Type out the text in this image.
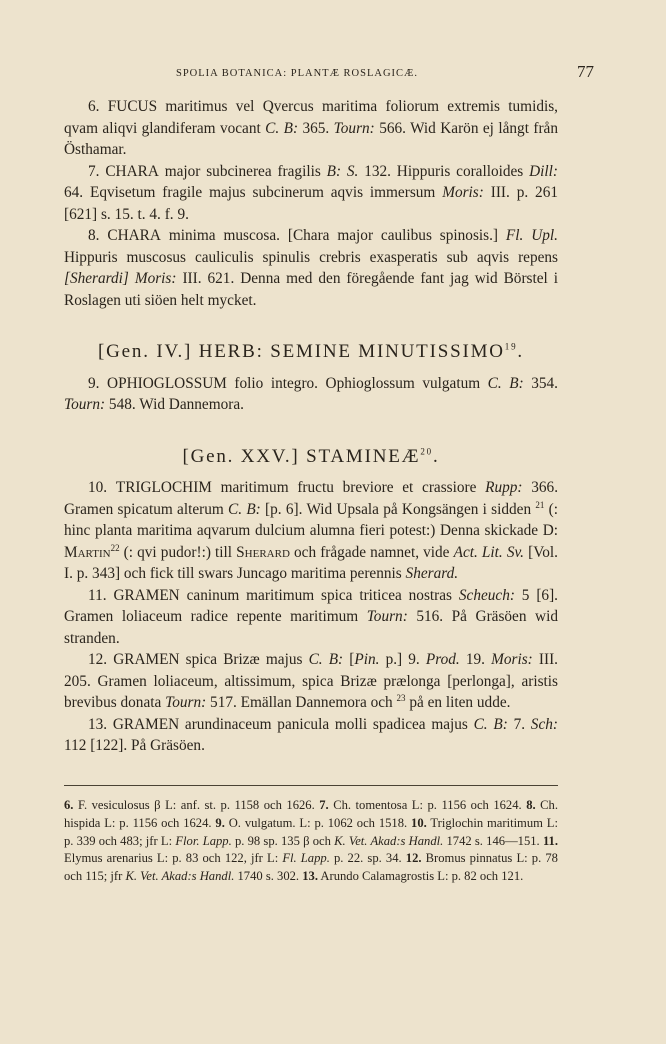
SPOLIA BOTANICA: PLANTÆ ROSLAGICÆ.	77

6. FUCUS maritimus vel Qvercus maritima foliorum extremis tumidis, qvam aliqvi glandiferam vocant C. B: 365. Tourn: 566. Wid Karön ej långt från Östhamar.

7. CHARA major subcinerea fragilis B: S. 132. Hippuris coralloides Dill: 64. Eqvisetum fragile majus subcinerum aqvis immersum Moris: III. p. 261 [621] s. 15. t. 4. f. 9.

8. CHARA minima muscosa. [Chara major caulibus spinosis.] Fl. Upl. Hippuris muscosus cauliculis spinulis crebris exasperatis sub aqvis repens [Sherardi] Moris: III. 621. Denna med den föregående fant jag wid Börstel i Roslagen uti siöen helt mycket.

[Gen. IV.] HERB: SEMINE MINUTISSIMO$^{19}$.

9. OPHIOGLOSSUM folio integro. Ophioglossum vulgatum C. B: 354. Tourn: 548. Wid Dannemora.

[Gen. XXV.] STAMINEÆ$^{20}$.

10. TRIGLOCHIM maritimum fructu breviore et crassiore Rupp: 366. Gramen spicatum alterum C. B: [p. 6]. Wid Upsala på Kongsängen i sidden $^{21}$ (: hinc planta maritima aqvarum dulcium alumna fieri potest:) Denna skickade D: Martin$^{22}$ (: qvi pudor!:) till Sherard och frågade namnet, vide Act. Lit. Sv. [Vol. I. p. 343] och fick till swars Juncago maritima perennis Sherard.

11. GRAMEN caninum maritimum spica triticea nostras Scheuch: 5 [6]. Gramen loliaceum radice repente maritimum Tourn: 516. På Gräsöen wid stranden.

12. GRAMEN spica Brizæ majus C. B: [Pin. p.] 9. Prod. 19. Moris: III. 205. Gramen loliaceum, altissimum, spica Brizæ prælonga [perlonga], aristis brevibus donata Tourn: 517. Emällan Dannemora och $^{23}$ på en liten udde.

13. GRAMEN arundinaceum panicula molli spadicea majus C. B: 7. Sch: 112 [122]. På Gräsöen.

6. F. vesiculosus β L: anf. st. p. 1158 och 1626. 7. Ch. tomentosa L: p. 1156 och 1624. 8. Ch. hispida L: p. 1156 och 1624. 9. O. vulgatum. L: p. 1062 och 1518. 10. Triglochin maritimum L: p. 339 och 483; jfr L: Flor. Lapp. p. 98 sp. 135 β och K. Vet. Akad:s Handl. 1742 s. 146—151. 11. Elymus arenarius L: p. 83 och 122, jfr L: Fl. Lapp. p. 22. sp. 34. 12. Bromus pinnatus L: p. 78 och 115; jfr K. Vet. Akad:s Handl. 1740 s. 302. 13. Arundo Calamagrostis L: p. 82 och 121.
